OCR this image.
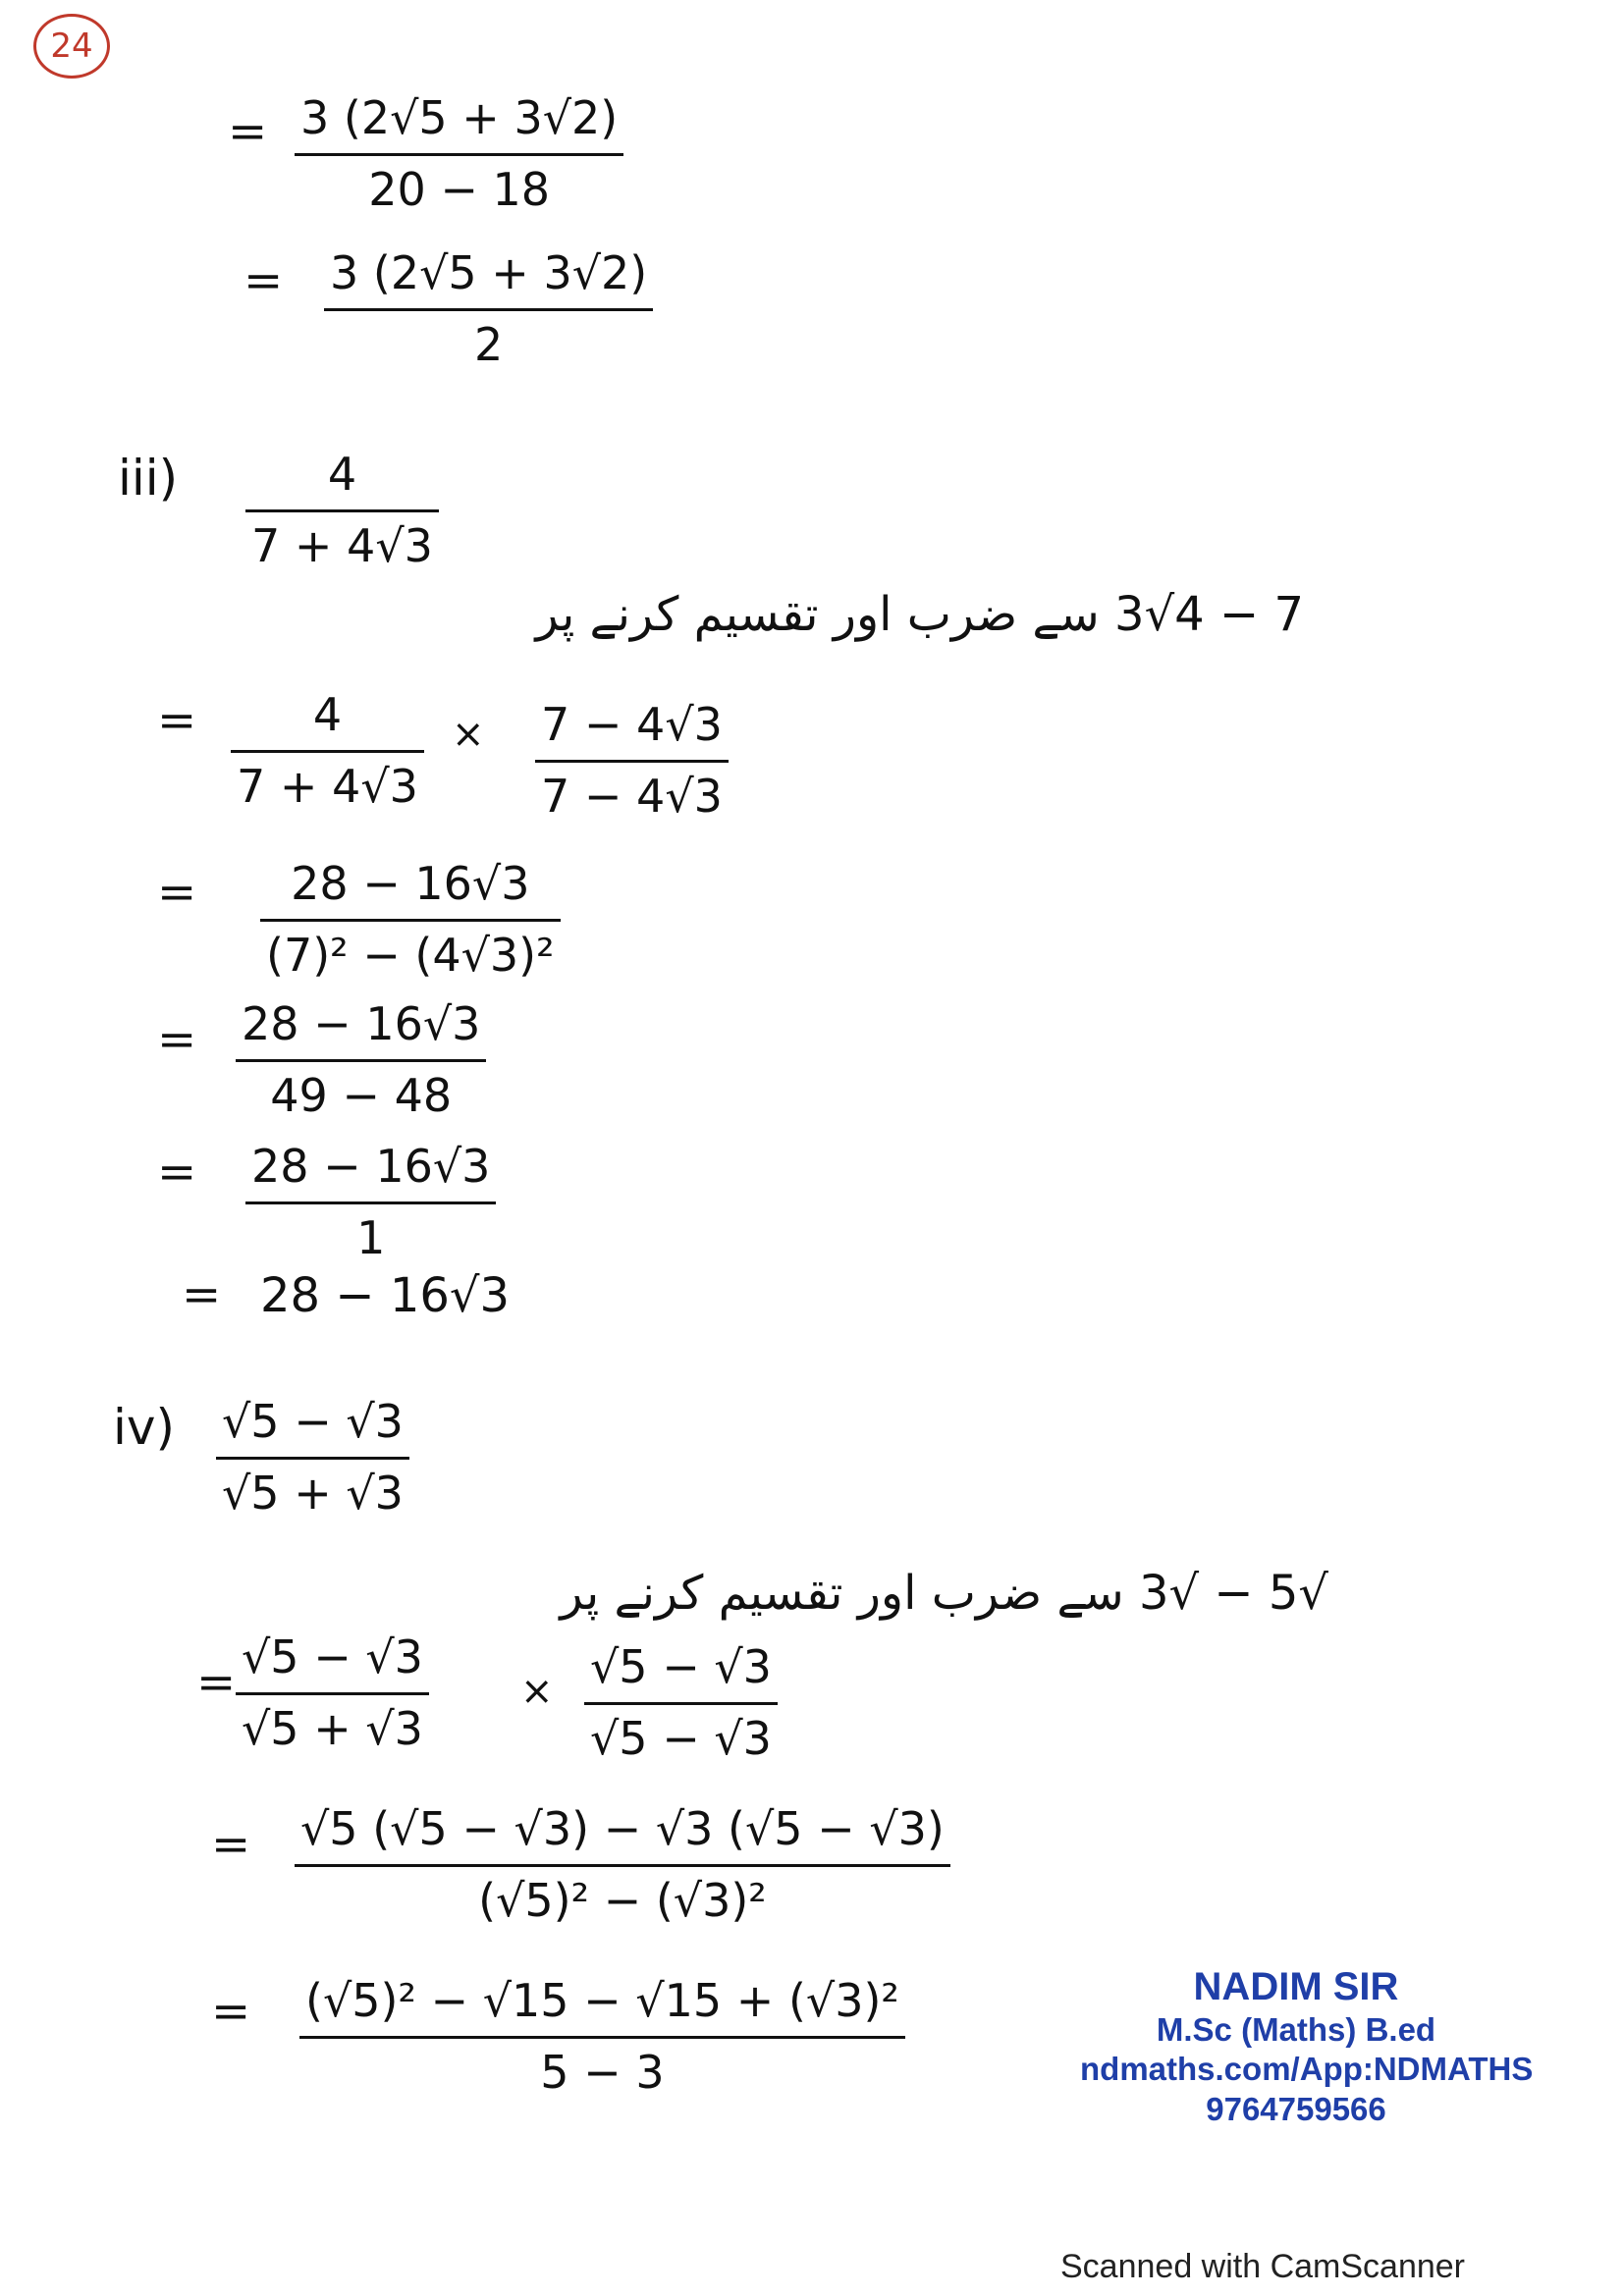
24
= 3 (2√5 + 3√2)
20 − 18
= 3 (2√5 + 3√2)
2
iii)	4
7 + 4√3
7 − 4√3 سے ضرب اور تقسیم کرنے پر
=	4
7 + 4√3
× 7 − 4√3
7 − 4√3
= 28 − 16√3
(7)² − (4√3)²
= 28 − 16√3
49 − 48
= 28 − 16√3
1
= 28 − 16√3
iv) √5 − √3
√5 + √3
√5 − √3 سے ضرب اور تقسیم کرنے پر
= √5 − √3
√5 + √3
× √5 − √3
√5 − √3
= √5 (√5 − √3) − √3 (√5 − √3)
(√5)² − (√3)²
= (√5)² − √15 − √15 + (√3)²
5 − 3
NADIM SIR
M.Sc (Maths) B.ed
ndmaths.com/App:NDMATHS
9764759566
Scanned with CamScanner
